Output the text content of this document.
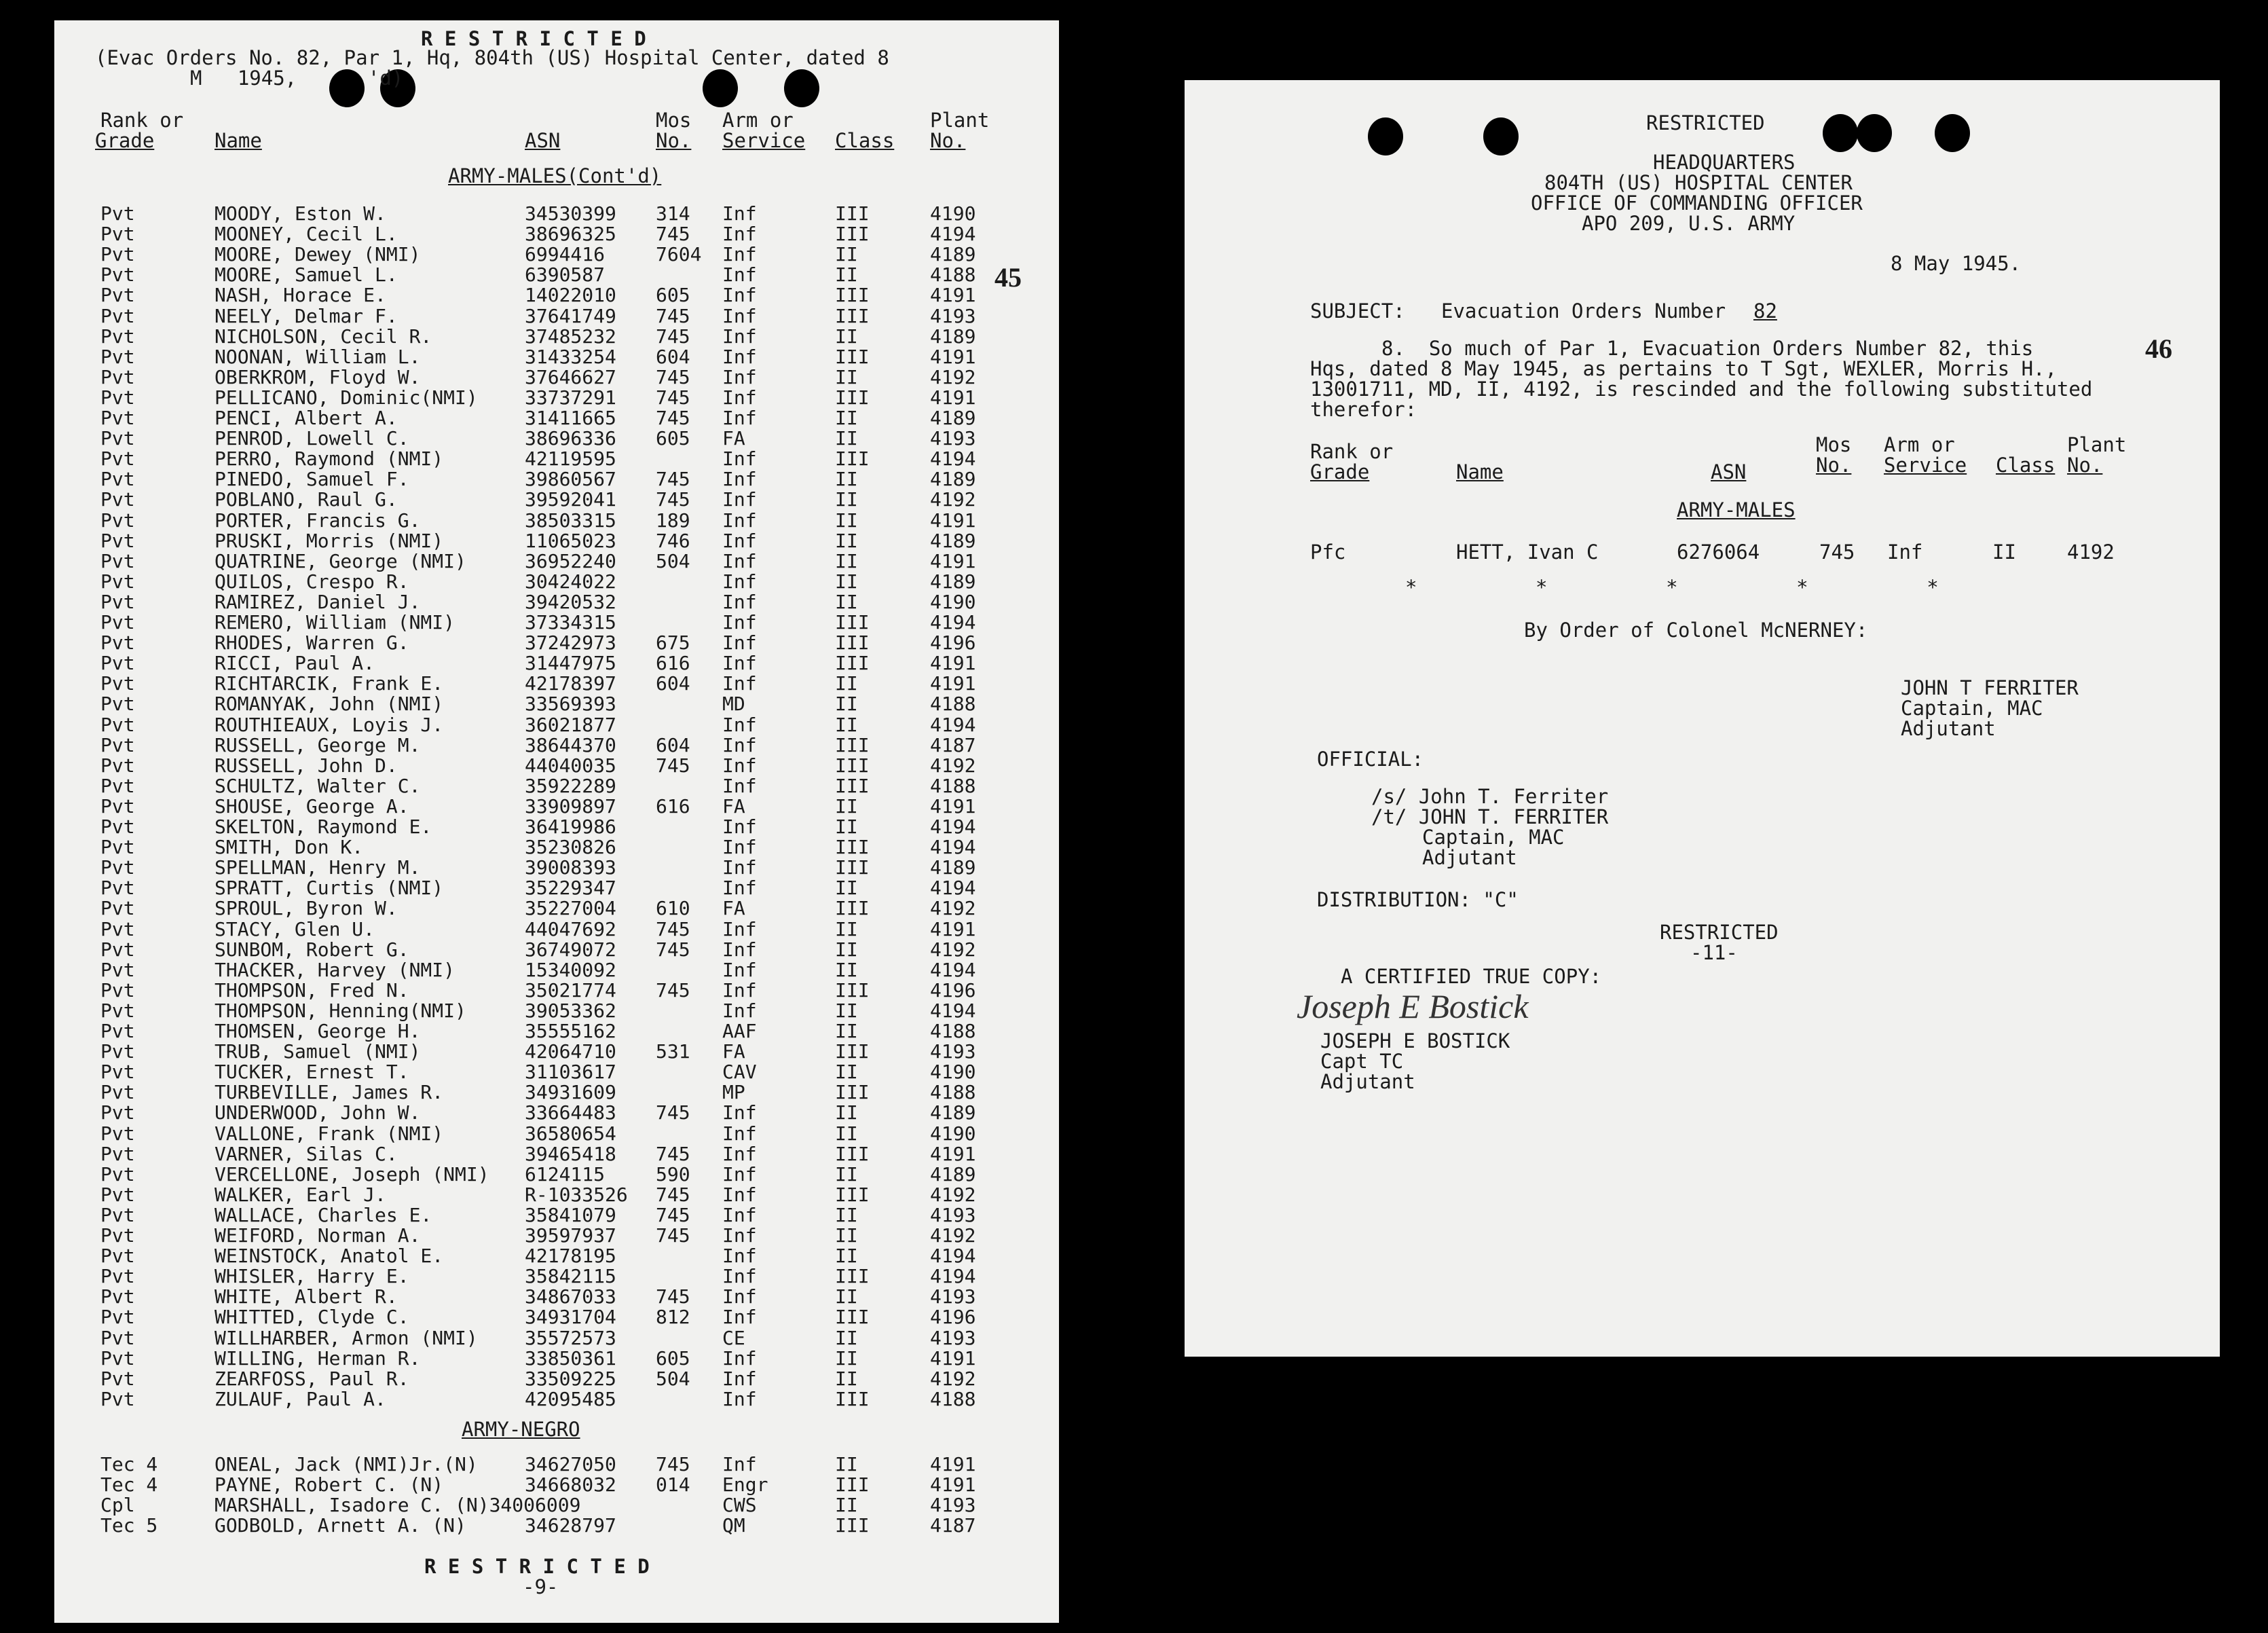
R E S T R I C T E D
(Evac Orders No. 82, Par 1, Hq, 804th (US) Hospital Center, dated 8
M   1945,      'd)
Rank or
Grade	Name	ASN
Mos
No.
Arm or
Service Class
Plant
No.
ARMY-MALES(Cont'd)
45
Pvt	MOODY, Eston W.	34530399 314 Inf	III	4190
Pvt	MOONEY, Cecil L.	38696325 745 Inf	III	4194
Pvt	MOORE, Dewey (NMI)	6994416	7604 Inf	II	4189
Pvt	MOORE, Samuel L.	6390587	Inf	II	4188
Pvt	NASH, Horace E.	14022010 605 Inf	III	4191
Pvt	NEELY, Delmar F.	37641749 745 Inf	III	4193
Pvt	NICHOLSON, Cecil R.	37485232 745 Inf	II	4189
Pvt	NOONAN, William L.	31433254 604 Inf	III	4191
Pvt	OBERKROM, Floyd W.	37646627 745 Inf	II	4192
Pvt	PELLICANO, Dominic(NMI) 33737291 745 Inf	III	4191
Pvt	PENCI, Albert A.	31411665 745 Inf	II	4189
Pvt	PENROD, Lowell C.	38696336 605 FA	II	4193
Pvt	PERRO, Raymond (NMI)	42119595	Inf	III	4194
Pvt	PINEDO, Samuel F.	39860567 745 Inf	II	4189
Pvt	POBLANO, Raul G.	39592041 745 Inf	II	4192
Pvt	PORTER, Francis G.	38503315 189 Inf	II	4191
Pvt	PRUSKI, Morris (NMI)	11065023 746 Inf	II	4189
Pvt	QUATRINE, George (NMI)	36952240 504 Inf	II	4191
Pvt	QUILOS, Crespo R.	30424022	Inf	II	4189
Pvt	RAMIREZ, Daniel J.	39420532	Inf	II	4190
Pvt	REMERO, William (NMI)	37334315	Inf	III	4194
Pvt	RHODES, Warren G.	37242973 675 Inf	III	4196
Pvt	RICCI, Paul A.	31447975 616 Inf	III	4191
Pvt	RICHTARCIK, Frank E.	42178397 604 Inf	II	4191
Pvt	ROMANYAK, John (NMI)	33569393	MD	II	4188
Pvt	ROUTHIEAUX, Loyis J.	36021877	Inf	II	4194
Pvt	RUSSELL, George M.	38644370 604 Inf	III	4187
Pvt	RUSSELL, John D.	44040035 745 Inf	III	4192
Pvt	SCHULTZ, Walter C.	35922289	Inf	III	4188
Pvt	SHOUSE, George A.	33909897 616 FA	II	4191
Pvt	SKELTON, Raymond E.	36419986	Inf	II	4194
Pvt	SMITH, Don K.	35230826	Inf	III	4194
Pvt	SPELLMAN, Henry M.	39008393	Inf	III	4189
Pvt	SPRATT, Curtis (NMI)	35229347	Inf	II	4194
Pvt	SPROUL, Byron W.	35227004 610 FA	III	4192
Pvt	STACY, Glen U.	44047692 745 Inf	II	4191
Pvt	SUNBOM, Robert G.	36749072 745 Inf	II	4192
Pvt	THACKER, Harvey (NMI)	15340092	Inf	II	4194
Pvt	THOMPSON, Fred N.	35021774 745 Inf	III	4196
Pvt	THOMPSON, Henning(NMI)	39053362	Inf	II	4194
Pvt	THOMSEN, George H.	35555162	AAF	II	4188
Pvt	TRUB, Samuel (NMI)	42064710 531 FA	III	4193
Pvt	TUCKER, Ernest T.	31103617	CAV	II	4190
Pvt	TURBEVILLE, James R.	34931609	MP	III	4188
Pvt	UNDERWOOD, John W.	33664483 745 Inf	II	4189
Pvt	VALLONE, Frank (NMI)	36580654	Inf	II	4190
Pvt	VARNER, Silas C.	39465418 745 Inf	III	4191
Pvt	VERCELLONE, Joseph (NMI) 6124115	590 Inf	II	4189
Pvt	WALKER, Earl J.	R-1033526 745 Inf	III	4192
Pvt	WALLACE, Charles E.	35841079 745 Inf	II	4193
Pvt	WEIFORD, Norman A.	39597937 745 Inf	II	4192
Pvt	WEINSTOCK, Anatol E.	42178195	Inf	II	4194
Pvt	WHISLER, Harry E.	35842115	Inf	III	4194
Pvt	WHITE, Albert R.	34867033 745 Inf	II	4193
Pvt	WHITTED, Clyde C.	34931704 812 Inf	III	4196
Pvt	WILLHARBER, Armon (NMI) 35572573	CE	II	4193
Pvt	WILLING, Herman R.	33850361 605 Inf	II	4191
Pvt	ZEARFOSS, Paul R.	33509225 504 Inf	II	4192
Pvt	ZULAUF, Paul A.	42095485	Inf	III	4188
ARMY-NEGRO
Tec 4	ONEAL, Jack (NMI)Jr.(N) 34627050 745 Inf	II	4191
Tec 4	PAYNE, Robert C. (N)	34668032 014 Engr	III	4191
Cpl	MARSHALL, Isadore C. (N)34006009	CWS	II	4193
Tec 5	GODBOLD, Arnett A. (N)	34628797	QM	III	4187
R E S T R I C T E D
-9-
RESTRICTED
HEADQUARTERS
804TH (US) HOSPITAL CENTER
OFFICE OF COMMANDING OFFICER
APO 209, U.S. ARMY
8 May 1945.
SUBJECT: Evacuation Orders Number 82
8.  So much of Par 1, Evacuation Orders Number 82, this
Hqs, dated 8 May 1945, as pertains to T Sgt, WEXLER, Morris H.,
13001711, MD, II, 4192, is rescinded and the following substituted
therefor:
46
Rank or
Grade	Name	ASN
Mos
No.
Arm or
Service Class
Plant
No.
ARMY-MALES
Pfc	HETT, Ivan C	6276064	745 Inf	II	4192
*          *          *          *          *
By Order of Colonel McNERNEY:
JOHN T FERRITER
Captain, MAC
Adjutant
OFFICIAL:
/s/ John T. Ferriter
/t/ JOHN T. FERRITER
Captain, MAC
Adjutant
DISTRIBUTION: "C"
RESTRICTED
-11-
A CERTIFIED TRUE COPY:
Joseph E Bostick
JOSEPH E BOSTICK
Capt TC
Adjutant
